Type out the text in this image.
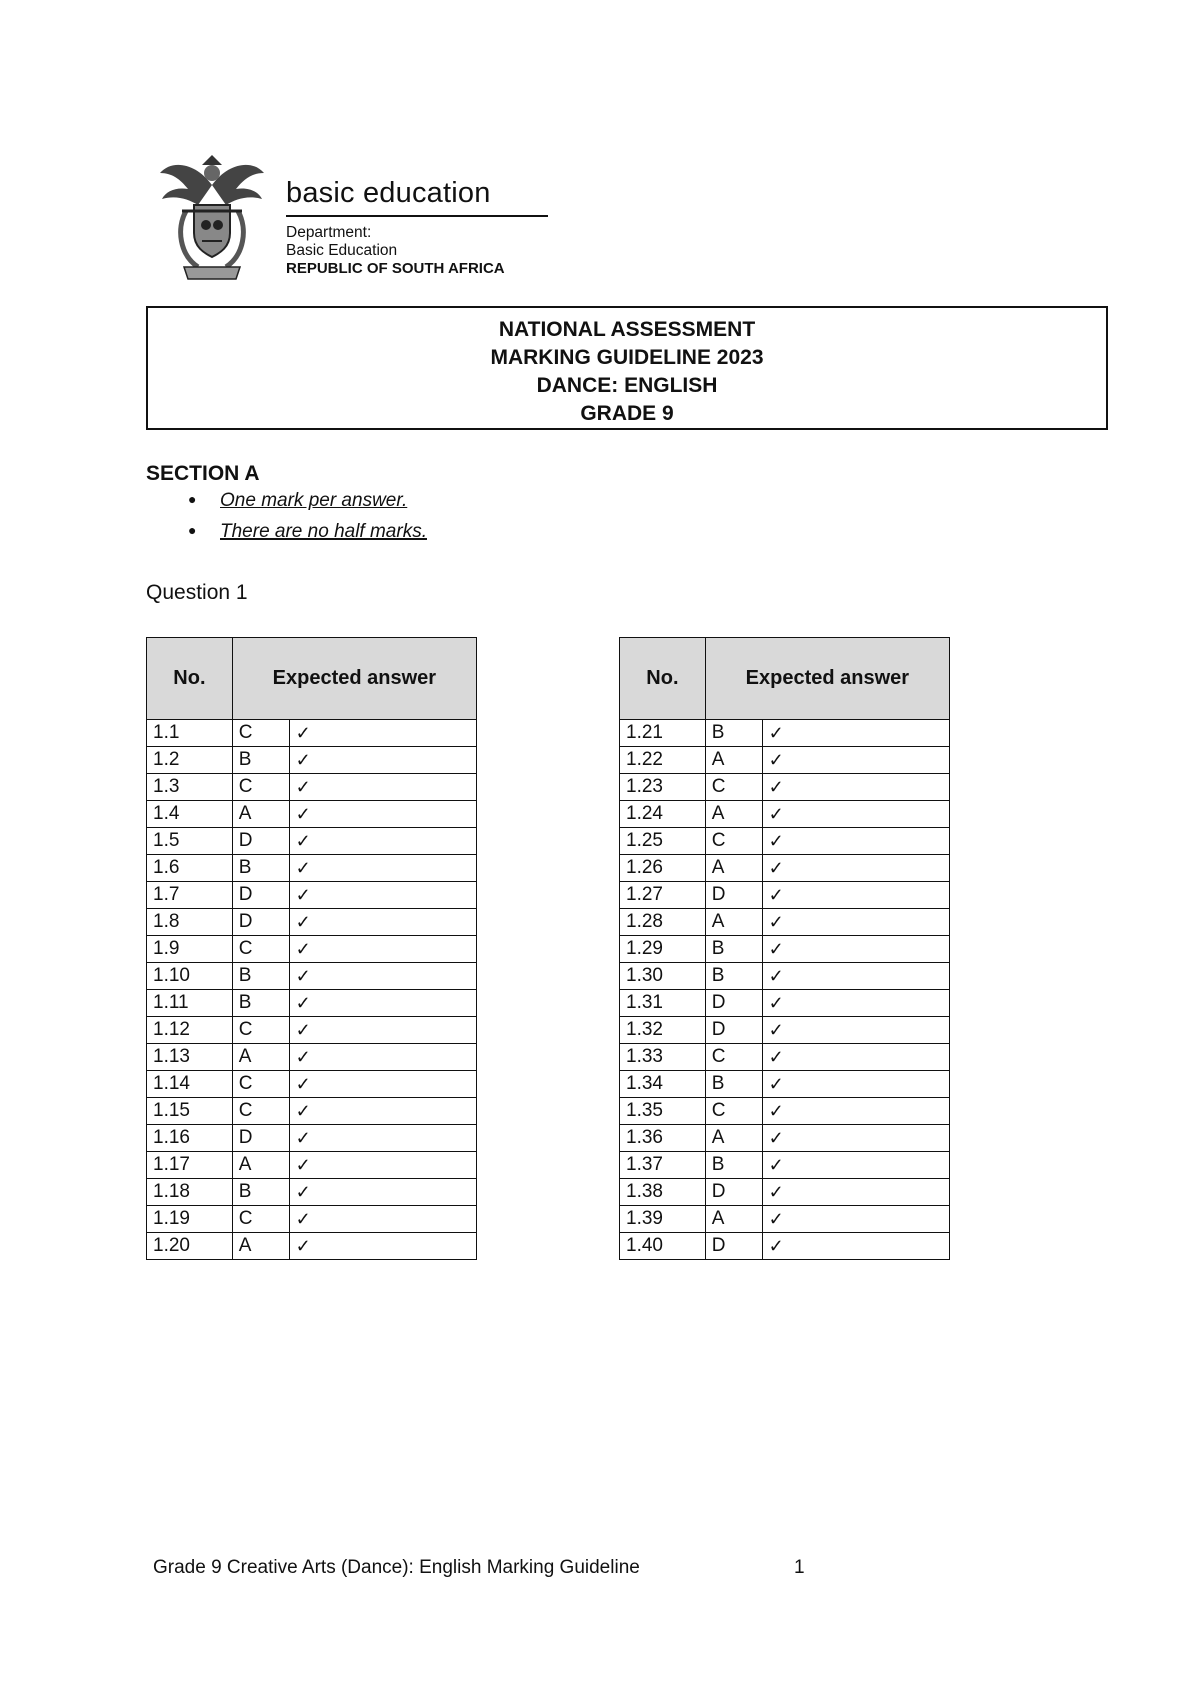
basic education
Department:
Basic Education
REPUBLIC OF SOUTH AFRICA
NATIONAL ASSESSMENT
MARKING GUIDELINE 2023
DANCE: ENGLISH
GRADE 9
SECTION A
● One mark per answer.
● There are no half marks.
Question 1
No.	Expected answer	
1.1	C	✓
1.2	B	✓
1.3	C	✓
1.4	A	✓
1.5	D	✓
1.6	B	✓
1.7	D	✓
1.8	D	✓
1.9	C	✓
1.10	B	✓
1.11	B	✓
1.12	C	✓
1.13	A	✓
1.14	C	✓
1.15	C	✓
1.16	D	✓
1.17	A	✓
1.18	B	✓
1.19	C	✓
1.20	A	✓
No.	Expected answer	
1.21	B	✓
1.22	A	✓
1.23	C	✓
1.24	A	✓
1.25	C	✓
1.26	A	✓
1.27	D	✓
1.28	A	✓
1.29	B	✓
1.30	B	✓
1.31	D	✓
1.32	D	✓
1.33	C	✓
1.34	B	✓
1.35	C	✓
1.36	A	✓
1.37	B	✓
1.38	D	✓
1.39	A	✓
1.40	D	✓
Grade 9 Creative Arts (Dance): English Marking Guideline	1
